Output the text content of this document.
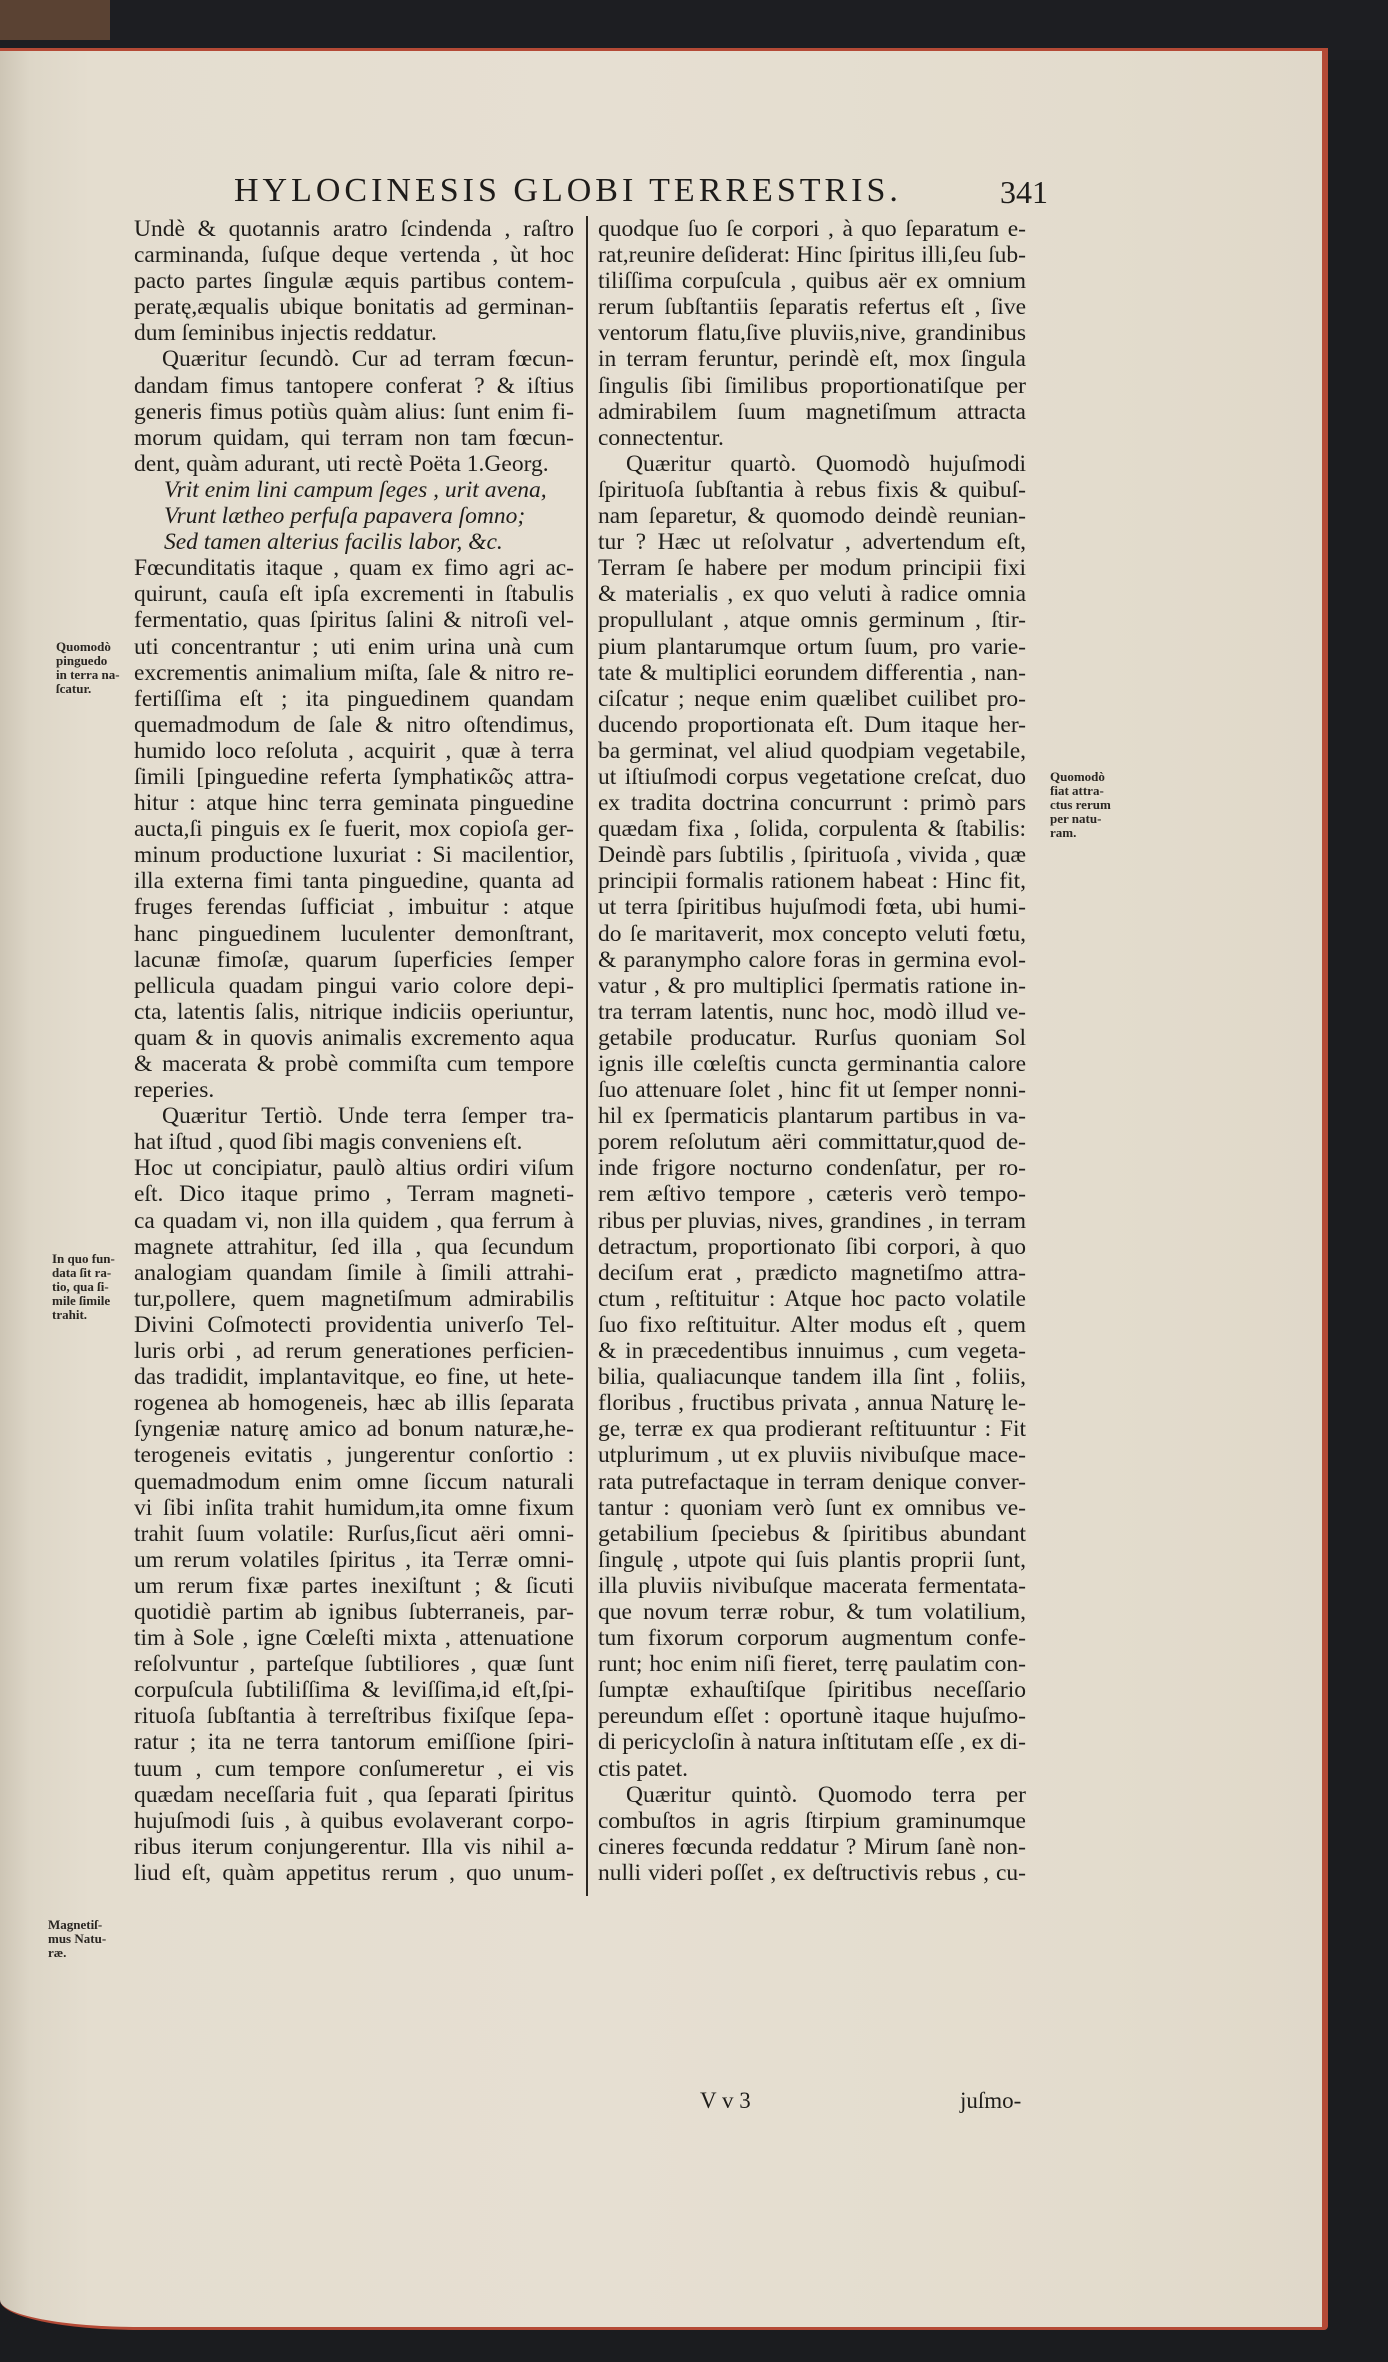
HYLOCINESIS GLOBI TERRESTRIS.	341
Undè & quotannis aratro ſcindenda , raſtro
carminanda, ſuſque deque vertenda , ùt hoc
pacto partes ſingulæ æquis partibus contem-
peratę,æqualis ubique bonitatis ad germinan-
dum ſeminibus injectis reddatur.
Quæritur ſecundò. Cur ad terram fœcun-
dandam fimus tantopere conferat ? & iſtius
generis fimus potiùs quàm alius: ſunt enim fi-
morum quidam, qui terram non tam fœcun-
dent, quàm adurant, uti rectè Poëta 1.Georg.
Vrit enim lini campum ſeges , urit avena,
Vrunt lætheo perfuſa papavera ſomno;
Sed tamen alterius facilis labor, &c.
Fœcunditatis itaque , quam ex fimo agri ac-
quirunt, cauſa eſt ipſa excrementi in ſtabulis
fermentatio, quas ſpiritus ſalini & nitroſi vel-
uti concentrantur ; uti enim urina unà cum
excrementis animalium miſta, ſale & nitro re-
fertiſſima eſt ; ita pinguedinem quandam
quemadmodum de ſale & nitro oſtendimus,
humido loco reſoluta , acquirit , quæ à terra
ſimili [pinguedine referta ſymphatiκῶς attra-
hitur : atque hinc terra geminata pinguedine
aucta,ſi pinguis ex ſe fuerit, mox copioſa ger-
minum productione luxuriat : Si macilentior,
illa externa fimi tanta pinguedine, quanta ad
fruges ferendas ſufficiat , imbuitur : atque
hanc pinguedinem luculenter demonſtrant,
lacunæ fimoſæ, quarum ſuperficies ſemper
pellicula quadam pingui vario colore depi-
cta, latentis ſalis, nitrique indiciis operiuntur,
quam & in quovis animalis excremento aqua
& macerata & probè commiſta cum tempore
reperies.
Quæritur Tertiò. Unde terra ſemper tra-
hat iſtud , quod ſibi magis conveniens eſt.
Hoc ut concipiatur, paulò altius ordiri viſum
eſt. Dico itaque primo , Terram magneti-
ca quadam vi, non illa quidem , qua ferrum à
magnete attrahitur, ſed illa , qua ſecundum
analogiam quandam ſimile à ſimili attrahi-
tur,pollere, quem magnetiſmum admirabilis
Divini Coſmotecti providentia univerſo Tel-
luris orbi , ad rerum generationes perficien-
das tradidit, implantavitque, eo fine, ut hete-
rogenea ab homogeneis, hæc ab illis ſeparata
ſyngeniæ naturę amico ad bonum naturæ,he-
terogeneis evitatis , jungerentur conſortio :
quemadmodum enim omne ſiccum naturali
vi ſibi inſita trahit humidum,ita omne fixum
trahit ſuum volatile: Rurſus,ſicut aëri omni-
um rerum volatiles ſpiritus , ita Terræ omni-
um rerum fixæ partes inexiſtunt ; & ſicuti
quotidiè partim ab ignibus ſubterraneis, par-
tim à Sole , igne Cœleſti mixta , attenuatione
reſolvuntur , parteſque ſubtiliores , quæ ſunt
corpuſcula ſubtiliſſima & leviſſima,id eſt,ſpi-
rituoſa ſubſtantia à terreſtribus fixiſque ſepa-
ratur ; ita ne terra tantorum emiſſione ſpiri-
tuum , cum tempore conſumeretur , ei vis
quædam neceſſaria fuit , qua ſeparati ſpiritus
hujuſmodi ſuis , à quibus evolaverant corpo-
ribus iterum conjungerentur. Illa vis nihil a-
liud eſt, quàm appetitus rerum , quo unum-
quodque ſuo ſe corpori , à quo ſeparatum e-
rat,reunire deſiderat: Hinc ſpiritus illi,ſeu ſub-
tiliſſima corpuſcula , quibus aër ex omnium
rerum ſubſtantiis ſeparatis refertus eſt , ſive
ventorum flatu,ſive pluviis,nive, grandinibus
in terram feruntur, perindè eſt, mox ſingula
ſingulis ſibi ſimilibus proportionatiſque per
admirabilem ſuum magnetiſmum attracta
connectentur.
Quæritur quartò. Quomodò hujuſmodi
ſpirituoſa ſubſtantia à rebus fixis & quibuſ-
nam ſeparetur, & quomodo deindè reunian-
tur ? Hæc ut reſolvatur , advertendum eſt,
Terram ſe habere per modum principii fixi
& materialis , ex quo veluti à radice omnia
propullulant , atque omnis germinum , ſtir-
pium plantarumque ortum ſuum, pro varie-
tate & multiplici eorundem differentia , nan-
ciſcatur ; neque enim quælibet cuilibet pro-
ducendo proportionata eſt. Dum itaque her-
ba germinat, vel aliud quodpiam vegetabile,
ut iſtiuſmodi corpus vegetatione creſcat, duo
ex tradita doctrina concurrunt : primò pars
quædam fixa , ſolida, corpulenta & ſtabilis:
Deindè pars ſubtilis , ſpirituoſa , vivida , quæ
principii formalis rationem habeat : Hinc fit,
ut terra ſpiritibus hujuſmodi fœta, ubi humi-
do ſe maritaverit, mox concepto veluti fœtu,
& paranympho calore foras in germina evol-
vatur , & pro multiplici ſpermatis ratione in-
tra terram latentis, nunc hoc, modò illud ve-
getabile producatur. Rurſus quoniam Sol
ignis ille cœleſtis cuncta germinantia calore
ſuo attenuare ſolet , hinc fit ut ſemper nonni-
hil ex ſpermaticis plantarum partibus in va-
porem reſolutum aëri committatur,quod de-
inde frigore nocturno condenſatur, per ro-
rem æſtivo tempore , cæteris verò tempo-
ribus per pluvias, nives, grandines , in terram
detractum, proportionato ſibi corpori, à quo
deciſum erat , prædicto magnetiſmo attra-
ctum , reſtituitur : Atque hoc pacto volatile
ſuo fixo reſtituitur. Alter modus eſt , quem
& in præcedentibus innuimus , cum vegeta-
bilia, qualiacunque tandem illa ſint , foliis,
floribus , fructibus privata , annua Naturę le-
ge, terræ ex qua prodierant reſtituuntur : Fit
utplurimum , ut ex pluviis nivibuſque mace-
rata putrefactaque in terram denique conver-
tantur : quoniam verò ſunt ex omnibus ve-
getabilium ſpeciebus & ſpiritibus abundant
ſingulę , utpote qui ſuis plantis proprii ſunt,
illa pluviis nivibuſque macerata fermentata-
que novum terræ robur, & tum volatilium,
tum fixorum corporum augmentum confe-
runt; hoc enim niſi fieret, terrę paulatim con-
ſumptæ exhauſtiſque ſpiritibus neceſſario
pereundum eſſet : oportunè itaque hujuſmo-
di pericycloſin à natura inſtitutam eſſe , ex di-
ctis patet.
Quæritur quintò. Quomodo terra per
combuſtos in agris ſtirpium graminumque
cineres fœcunda reddatur ? Mirum ſanè non-
nulli videri poſſet , ex deſtructivis rebus , cu-
Quomodò
pinguedo
in terra na-
ſcatur.
In quo fun-
data ſit ra-
tio, qua ſi-
mile ſimile
trahit.
Magnetiſ-
mus Natu-
ræ.
Quomodò
fiat attra-
ctus rerum
per natu-
ram.
V v 3	juſmo-
